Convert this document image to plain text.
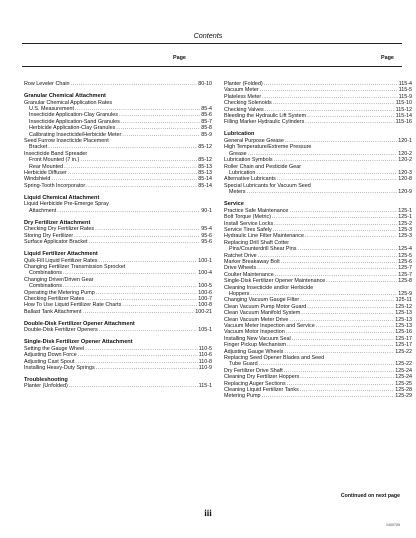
Contents
Page	Page
Row Leveler Chain .....	80-10
Granular Chemical Attachment
Granular Chemical Application Rates
U.S. Measurement .....	85-4
Insecticide Application-Clay Granules .....	85-6
Insecticide Application-Sand Granules .....	85-7
Herbicide Application-Clay Granules .....	85-8
Calibrating Insecticide/Herbicide Meter .....	85-9
Seed Furrow Insecticide Placement
Bracket .....	85-12
Insecticide Band Spreader
Front Mounted (7 in.) .....	85-12
Rear Mounted .....	85-13
Herbicide Diffuser .....	85-13
Windshield .....	85-14
Spring-Tooth Incorporator .....	85-14
Liquid Chemical Attachment
Liquid Herbicide Pre-Emerge Spray
Attachment .....	90-1
Dry Fertilizer Attachment
Checking Dry Fertilizer Rates .....	95-4
Storing Dry Fertilizer .....	95-6
Surface Applicator Bracket .....	95-6
Liquid Fertilizer Attachment
Quik-Fill Liquid Fertilizer Rates .....	100-1
Changing Fertilizer Transmission Sprocket
Combinations .....	100-4
Changing Driver/Driven Gear
Combinations .....	100-5
Operating the Metering Pump .....	100-6
Checking Fertilizer Rates .....	100-7
How To Use Liquid Fertilizer Rate Charts .....	100-8
Ballast Tank Attachment .....	100-21
Double-Disk Fertilizer Opener Attachment
Double-Disk Fertilizer Openers .....	105-1
Single-Disk Fertilizer Opener Attachment
Setting the Gauge Wheel .....	110-5
Adjusting Down Force .....	110-6
Adjusting Cast Spout .....	110-8
Installing Heavy-Duty Springs .....	110-9
Troubleshooting
Planter (Unfolded) .....	115-1
Planter (Folded) .....	115-4
Vacuum Meter .....	115-5
Plateless Meter .....	115-9
Checking Solenoids .....	115-10
Checking Valves .....	115-12
Bleeding the Hydraulic Lift System .....	115-14
Filling Marker Hydraulic Cylinders .....	115-16
Lubrication
General Purpose Grease .....	120-1
High Temperature/Extreme Pressure
Grease .....	120-2
Lubrication Symbols .....	120-2
Roller Chain and Pesticide Gear
Lubrication .....	120-3
Alternative Lubricants .....	120-8
Special Lubricants for Vacuum Seed
Meters .....	120-9
Service
Practice Safe Maintenance .....	125-1
Bolt Torque (Metric) .....	125-1
Install Service Locks .....	125-2
Service Tires Safely .....	125-3
Hydraulic Line Filter Maintenance .....	125-3
Replacing Drill Shaft Cotter
Pins/Counterdrill Shear Pins .....	125-4
Ratchet Drive .....	125-5
Marker Breakaway Bolt .....	125-6
Drive Wheels .....	125-7
Coulter Maintenance .....	125-7
Single-Disk Fertilizer Opener Maintenance .....	125-8
Cleaning Insecticide and/or Herbicide
Hoppers .....	125-9
Changing Vacuum Gauge Filter .....	125-11
Clean Vacuum Pump Motor Guard .....	125-12
Clean Vacuum Manifold System .....	125-13
Clean Vacuum Meter Drive .....	125-13
Vacuum Meter Inspection and Service .....	125-13
Vacuum Motor Inspection .....	125-16
Installing New Vacuum Seal .....	125-17
Finger Pickup Mechanism .....	125-17
Adjusting Gauge Wheels .....	125-22
Replacing Seed Opener Blades and Seed
Tube Guard .....	125-22
Dry Fertilizer Drive Shaft .....	125-24
Cleaning Dry Fertilizer Hoppers .....	125-24
Replacing Auger Sections .....	125-25
Cleaning Liquid Fertilizer Tanks .....	125-28
Metering Pump .....	125-29
Continued on next page
iii
1400705
